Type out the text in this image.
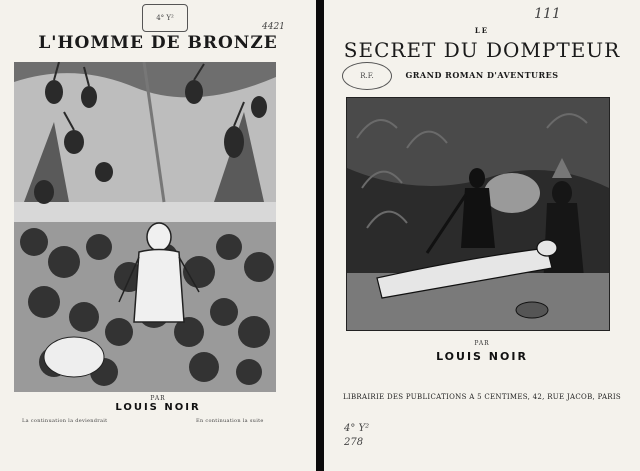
4° Y²
4421
L'HOMME DE BRONZE
PAR
LOUIS NOIR
La continuation la deviendrait	En continuation la suite
111
LE
SECRET DU DOMPTEUR
GRAND ROMAN D'AVENTURES
R.F.
PAR
LOUIS NOIR
LIBRAIRIE DES PUBLICATIONS A 5 CENTIMES, 42, RUE JACOB, PARIS
4° Y² 278
